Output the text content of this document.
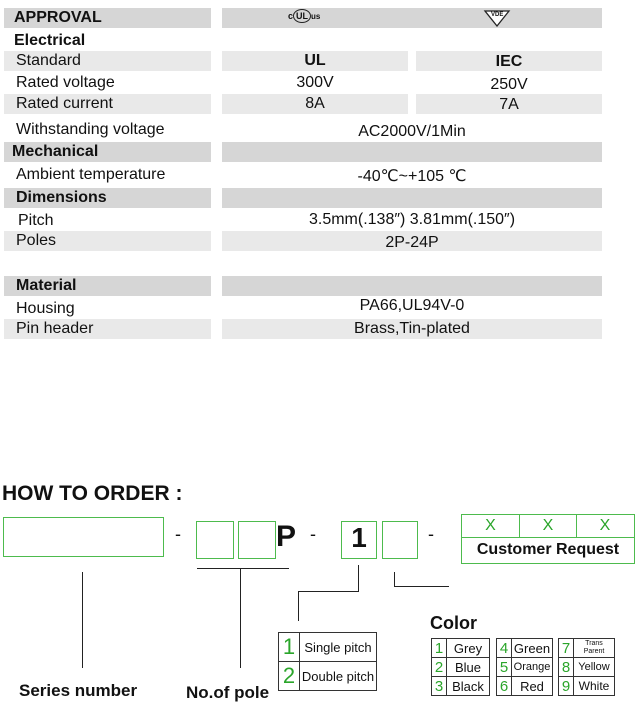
APPROVAL	c UL us	VDE
Electrical
Standard	UL	IEC
Rated voltage	300V	250V
Rated current	8A	7A
Withstanding voltage	AC2000V/1Min
Mechanical
Ambient temperature	-40℃~+105 ℃
Dimensions
Pitch	3.5mm(.138″) 3.81mm(.150″)
Poles	2P-24P
Material
Housing	PA66,UL94V-0
Pin header	Brass,Tin-plated
HOW TO ORDER :
-	P -	1	-	X	X	X
Customer Request
Series number	No.of pole
1	Single pitch
2	Double pitch
Color
1	Grey
2	Blue
3	Black
4	Green
5	Orange
6	Red
7	Trans Parent
8	Yellow
9	White
